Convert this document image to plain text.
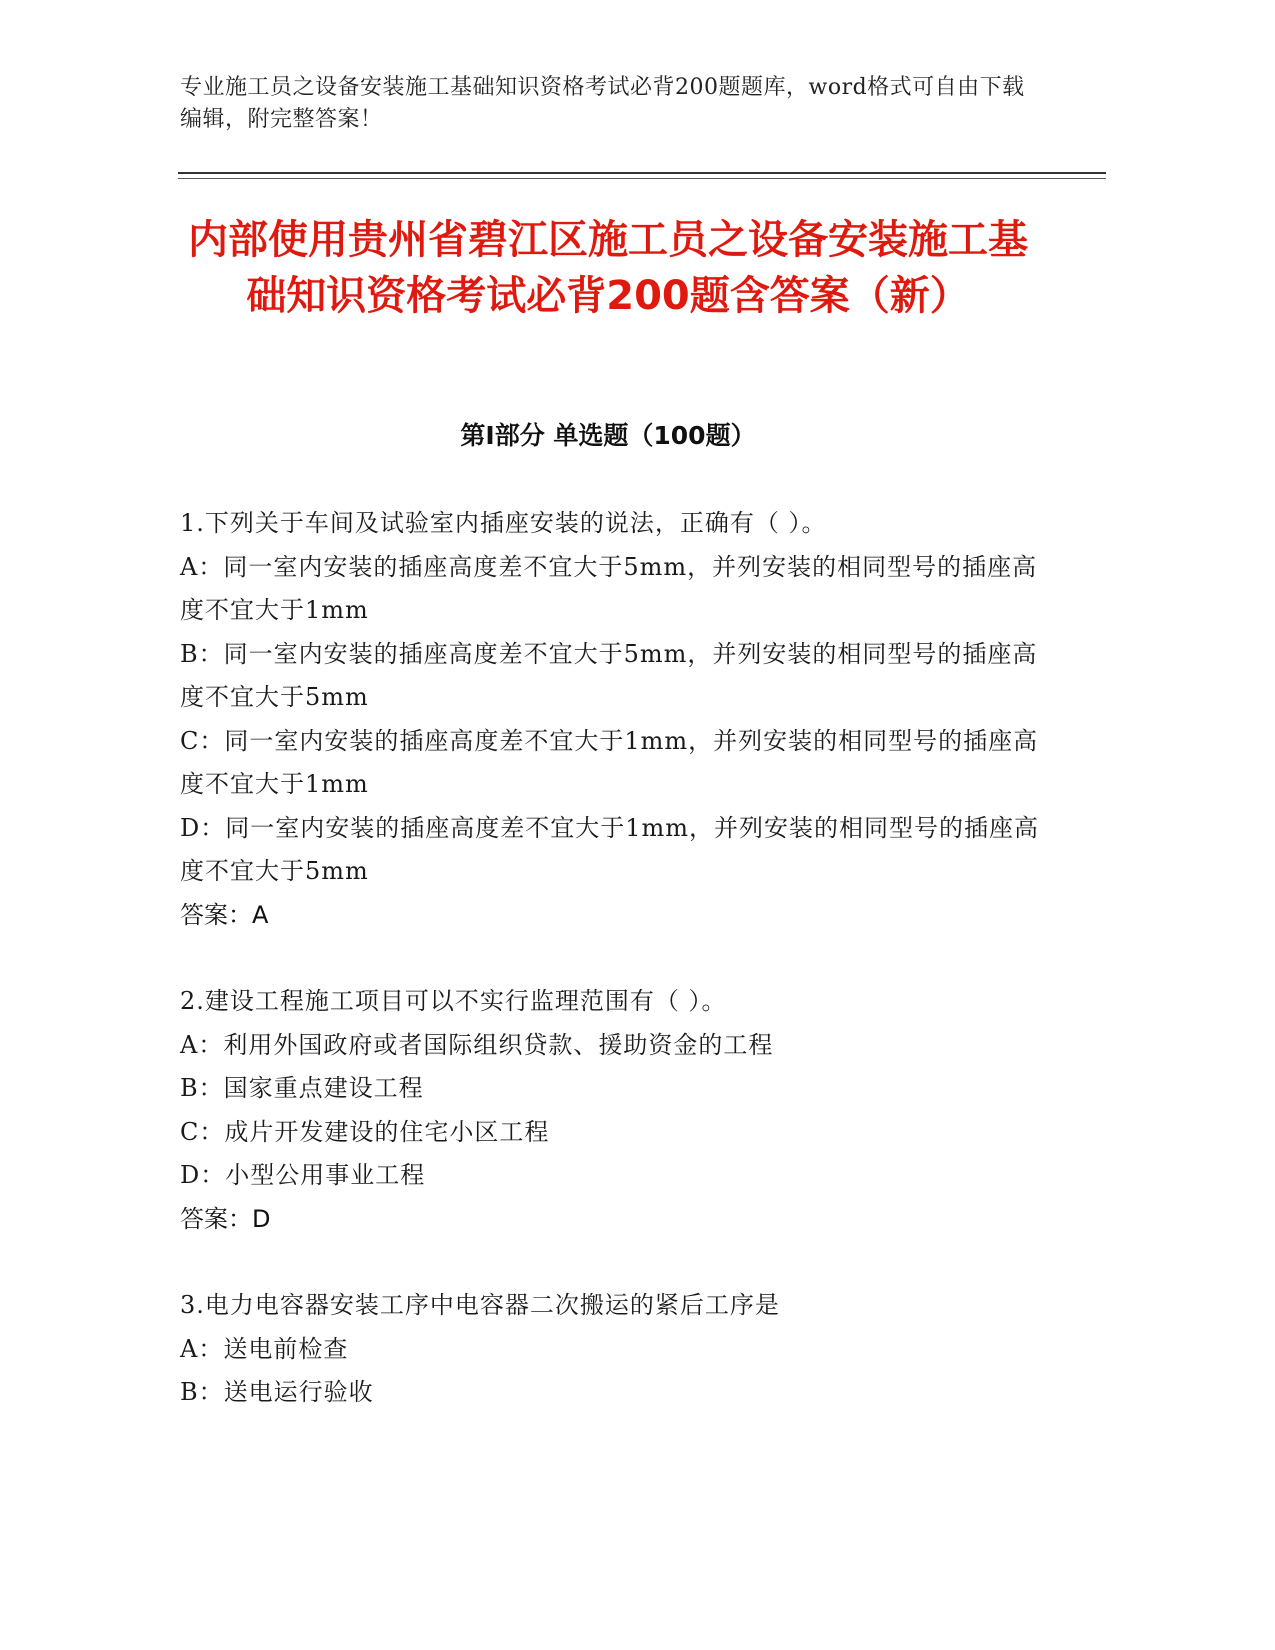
专业施工员之设备安装施工基础知识资格考试必背200题题库，word格式可自由下载编辑，附完整答案！
内部使用贵州省碧江区施工员之设备安装施工基础知识资格考试必背200题含答案（新）
第Ⅰ部分 单选题（100题）

1.下列关于车间及试验室内插座安装的说法，正确有（ ）。

A：同一室内安装的插座高度差不宜大于5mm，并列安装的相同型号的插座高度不宜大于1mm

B：同一室内安装的插座高度差不宜大于5mm，并列安装的相同型号的插座高度不宜大于5mm

C：同一室内安装的插座高度差不宜大于1mm，并列安装的相同型号的插座高度不宜大于1mm

D：同一室内安装的插座高度差不宜大于1mm，并列安装的相同型号的插座高度不宜大于5mm

答案：A

2.建设工程施工项目可以不实行监理范围有（ ）。

A：利用外国政府或者国际组织贷款、援助资金的工程

B：国家重点建设工程

C：成片开发建设的住宅小区工程

D：小型公用事业工程

答案：D

3.电力电容器安装工序中电容器二次搬运的紧后工序是

A：送电前检查

B：送电运行验收
